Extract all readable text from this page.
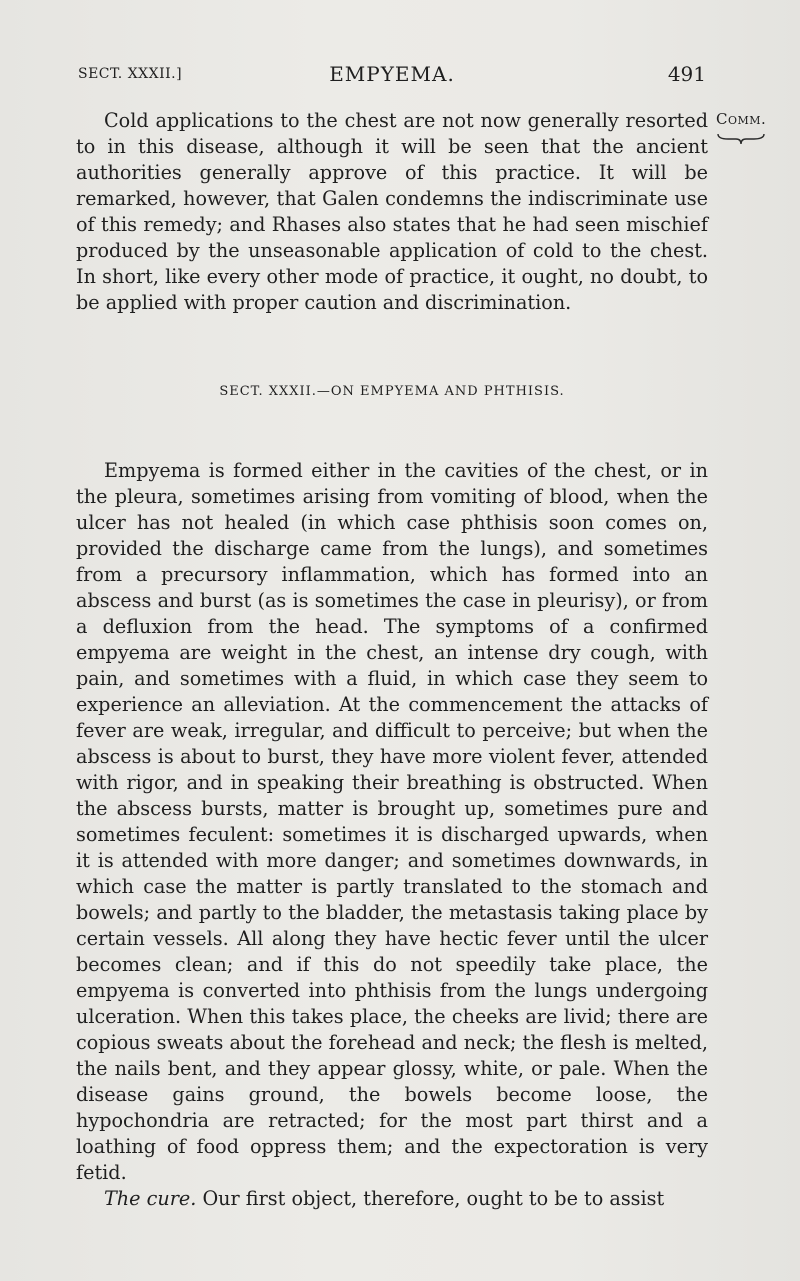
SECT. XXXII.]	EMPYEMA.	491
Comm.

Cold applications to the chest are not now generally resorted to in this disease, although it will be seen that the ancient authorities generally approve of this practice. It will be remarked, however, that Galen condemns the indiscriminate use of this remedy; and Rhases also states that he had seen mischief produced by the unseasonable application of cold to the chest. In short, like every other mode of practice, it ought, no doubt, to be applied with proper caution and discrimination.

SECT. XXXII.—ON EMPYEMA AND PHTHISIS.

Empyema is formed either in the cavities of the chest, or in the pleura, sometimes arising from vomiting of blood, when the ulcer has not healed (in which case phthisis soon comes on, provided the discharge came from the lungs), and sometimes from a precursory inflammation, which has formed into an abscess and burst (as is sometimes the case in pleurisy), or from a defluxion from the head. The symptoms of a confirmed empyema are weight in the chest, an intense dry cough, with pain, and sometimes with a fluid, in which case they seem to experience an alleviation. At the commencement the attacks of fever are weak, irregular, and difficult to perceive; but when the abscess is about to burst, they have more violent fever, attended with rigor, and in speaking their breathing is obstructed. When the abscess bursts, matter is brought up, sometimes pure and sometimes feculent: sometimes it is discharged upwards, when it is attended with more danger; and sometimes downwards, in which case the matter is partly translated to the stomach and bowels; and partly to the bladder, the metastasis taking place by certain vessels. All along they have hectic fever until the ulcer becomes clean; and if this do not speedily take place, the empyema is converted into phthisis from the lungs undergoing ulceration. When this takes place, the cheeks are livid; there are copious sweats about the forehead and neck; the flesh is melted, the nails bent, and they appear glossy, white, or pale. When the disease gains ground, the bowels become loose, the hypochondria are retracted; for the most part thirst and a loathing of food oppress them; and the expectoration is very fetid.

The cure. Our first object, therefore, ought to be to assist
